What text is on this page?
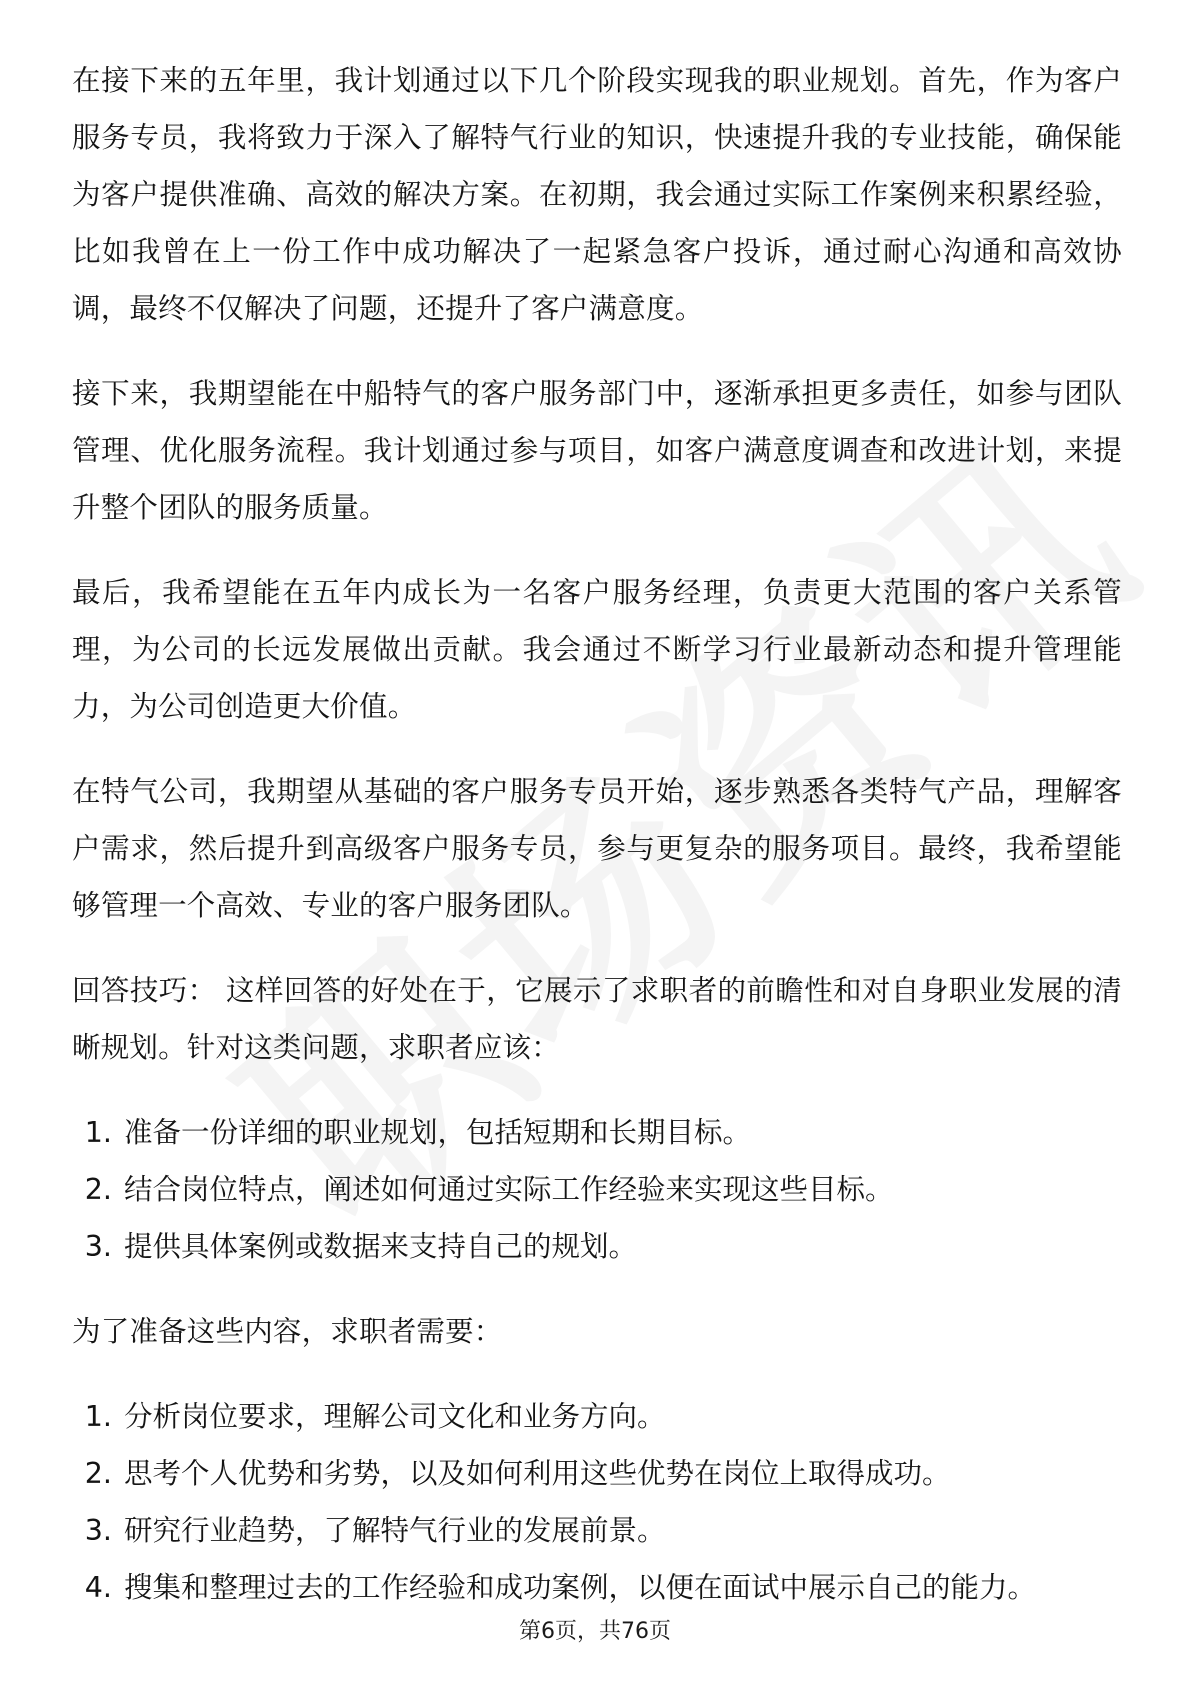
在接下来的五年里，我计划通过以下几个阶段实现我的职业规划。首先，作为客户服务专员，我将致力于深入了解特气行业的知识，快速提升我的专业技能，确保能为客户提供准确、高效的解决方案。在初期，我会通过实际工作案例来积累经验，比如我曾在上一份工作中成功解决了一起紧急客户投诉，通过耐心沟通和高效协调，最终不仅解决了问题，还提升了客户满意度。

接下来，我期望能在中船特气的客户服务部门中，逐渐承担更多责任，如参与团队管理、优化服务流程。我计划通过参与项目，如客户满意度调查和改进计划，来提升整个团队的服务质量。

最后，我希望能在五年内成长为一名客户服务经理，负责更大范围的客户关系管理，为公司的长远发展做出贡献。我会通过不断学习行业最新动态和提升管理能力，为公司创造更大价值。

在特气公司，我期望从基础的客户服务专员开始，逐步熟悉各类特气产品，理解客户需求，然后提升到高级客户服务专员，参与更复杂的服务项目。最终，我希望能够管理一个高效、专业的客户服务团队。

回答技巧： 这样回答的好处在于，它展示了求职者的前瞻性和对自身职业发展的清晰规划。针对这类问题，求职者应该：

1. 准备一份详细的职业规划，包括短期和长期目标。
2. 结合岗位特点，阐述如何通过实际工作经验来实现这些目标。
3. 提供具体案例或数据来支持自己的规划。

为了准备这些内容，求职者需要：

1. 分析岗位要求，理解公司文化和业务方向。
2. 思考个人优势和劣势，以及如何利用这些优势在岗位上取得成功。
3. 研究行业趋势，了解特气行业的发展前景。
4. 搜集和整理过去的工作经验和成功案例，以便在面试中展示自己的能力。
第6页，共76页
